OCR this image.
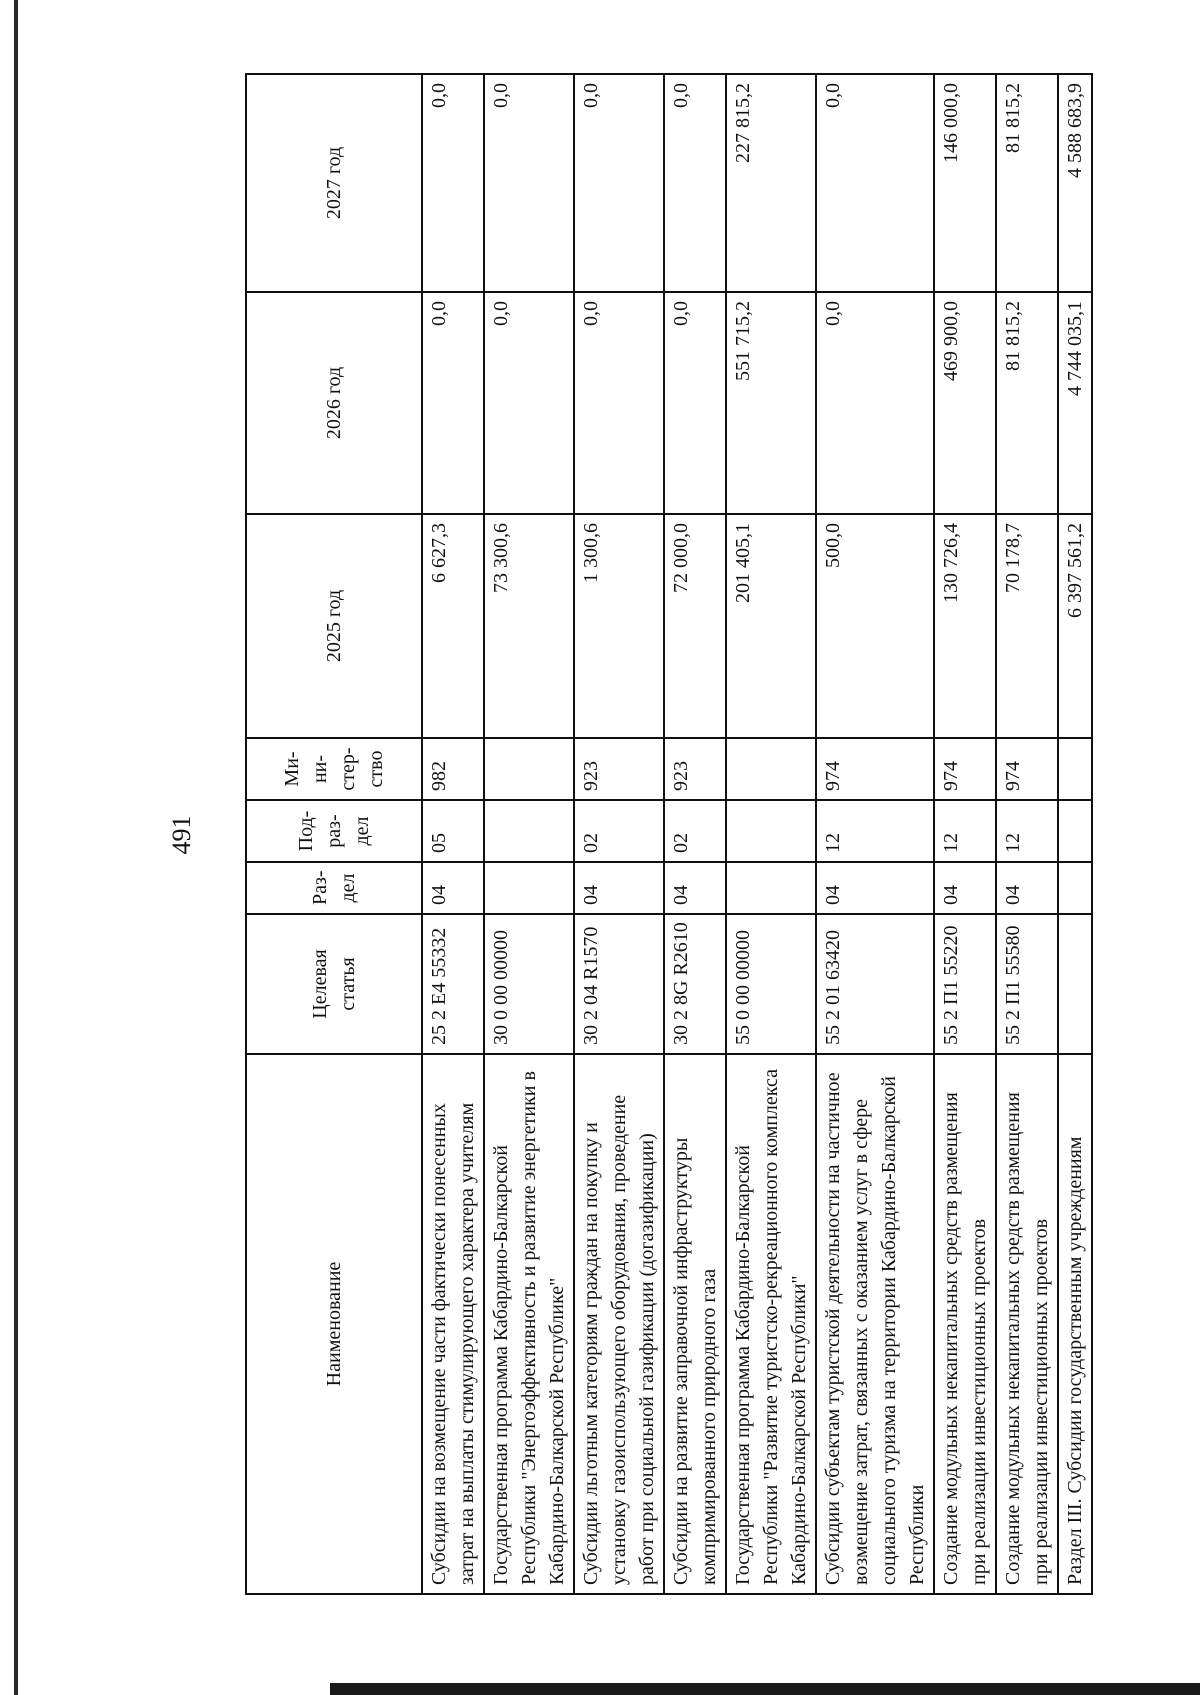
491
Наименование	Целевая статья	Раз-дел	Под-раз-дел	Ми-ни-стер-ство	2025 год	2026 год	2027 год
Субсидии на возмещение части фактически понесенных затрат на выплаты стимулирующего характера учителям	25 2 Е4 55332	04	05	982	6 627,3	0,0	0,0
Государственная программа Кабардино-Балкарской Республики "Энергоэффективность и развитие энергетики в Кабардино-Балкарской Республике"	30 0 00 00000				73 300,6	0,0	0,0
Субсидии льготным категориям граждан на покупку и установку газоиспользующего оборудования, проведение работ при социальной газификации (догазификации)	30 2 04 R1570	04	02	923	1 300,6	0,0	0,0
Субсидии на развитие заправочной инфраструктуры компримированного природного газа	30 2 8G R2610	04	02	923	72 000,0	0,0	0,0
Государственная программа Кабардино-Балкарской Республики "Развитие туристско-рекреационного комплекса Кабардино-Балкарской Республики"	55 0 00 00000				201 405,1	551 715,2	227 815,2
Субсидии субъектам туристской деятельности на частичное возмещение затрат, связанных с оказанием услуг в сфере социального туризма на территории Кабардино-Балкарской Республики	55 2 01 63420	04	12	974	500,0	0,0	0,0
Создание модульных некапитальных средств размещения при реализации инвестиционных проектов	55 2 П1 55220	04	12	974	130 726,4	469 900,0	146 000,0
Создание модульных некапитальных средств размещения при реализации инвестиционных проектов	55 2 П1 55580	04	12	974	70 178,7	81 815,2	81 815,2
Раздел III. Субсидии государственным учреждениям					6 397 561,2	4 744 035,1	4 588 683,9
